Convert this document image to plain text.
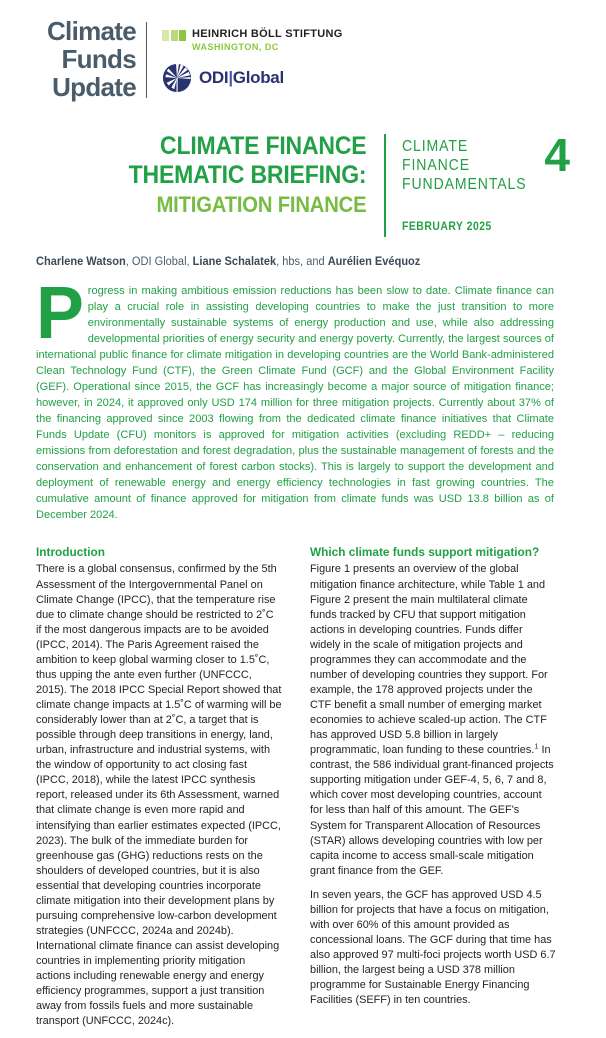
Climate
Funds
Update
HEINRICH BÖLL STIFTUNG
WASHINGTON, DC
ODI|Global
CLIMATE FINANCE
THEMATIC BRIEFING:
MITIGATION FINANCE
CLIMATE
FINANCE
FUNDAMENTALS
4
FEBRUARY 2025
Charlene Watson, ODI Global, Liane Schalatek, hbs, and Aurélien Evéquoz
Progress in making ambitious emission reductions has been slow to date. Climate finance can play a crucial role in assisting developing countries to make the just transition to more environmentally sustainable systems of energy production and use, while also addressing developmental priorities of energy security and energy poverty. Currently, the largest sources of international public finance for climate mitigation in developing countries are the World Bank-administered Clean Technology Fund (CTF), the Green Climate Fund (GCF) and the Global Environment Facility (GEF). Operational since 2015, the GCF has increasingly become a major source of mitigation finance; however, in 2024, it approved only USD 174 million for three mitigation projects. Currently about 37% of the financing approved since 2003 flowing from the dedicated climate finance initiatives that Climate Funds Update (CFU) monitors is approved for mitigation activities (excluding REDD+ – reducing emissions from deforestation and forest degradation, plus the sustainable management of forests and the conservation and enhancement of forest carbon stocks). This is largely to support the development and deployment of renewable energy and energy efficiency technologies in fast growing countries. The cumulative amount of finance approved for mitigation from climate funds was USD 13.8 billion as of December 2024.
Introduction

There is a global consensus, confirmed by the 5th Assessment of the Intergovernmental Panel on Climate Change (IPCC), that the temperature rise due to climate change should be restricted to 2˚C if the most dangerous impacts are to be avoided (IPCC, 2014). The Paris Agreement raised the ambition to keep global warming closer to 1.5˚C, thus upping the ante even further (UNFCCC, 2015). The 2018 IPCC Special Report showed that climate change impacts at 1.5˚C of warming will be considerably lower than at 2˚C, a target that is possible through deep transitions in energy, land, urban, infrastructure and industrial systems, with the window of opportunity to act closing fast (IPCC, 2018), while the latest IPCC synthesis report, released under its 6th Assessment, warned that climate change is even more rapid and intensifying than earlier estimates expected (IPCC, 2023). The bulk of the immediate burden for greenhouse gas (GHG) reductions rests on the shoulders of developed countries, but it is also essential that developing countries incorporate climate mitigation into their development plans by pursuing comprehensive low-carbon development strategies (UNFCCC, 2024a and 2024b). International climate finance can assist developing countries in implementing priority mitigation actions including renewable energy and energy efficiency programmes, support a just transition away from fossils fuels and more sustainable transport (UNFCCC, 2024c).

Which climate funds support mitigation?

Figure 1 presents an overview of the global mitigation finance architecture, while Table 1 and Figure 2 present the main multilateral climate funds tracked by CFU that support mitigation actions in developing countries. Funds differ widely in the scale of mitigation projects and programmes they can accommodate and the number of developing countries they support. For example, the 178 approved projects under the CTF benefit a small number of emerging market economies to achieve scaled-up action. The CTF has approved USD 5.8 billion in largely programmatic, loan funding to these countries.$^1$ In contrast, the 586 individual grant-financed projects supporting mitigation under GEF-4, 5, 6, 7 and 8, which cover most developing countries, account for less than half of this amount. The GEF's System for Transparent Allocation of Resources (STAR) allows developing countries with low per capita income to access small-scale mitigation grant finance from the GEF.

In seven years, the GCF has approved USD 4.5 billion for projects that have a focus on mitigation, with over 60% of this amount provided as concessional loans. The GCF during that time has also approved 97 multi-foci projects worth USD 6.7 billion, the largest being a USD 378 million programme for Sustainable Energy Financing Facilities (SEFF) in ten countries.
